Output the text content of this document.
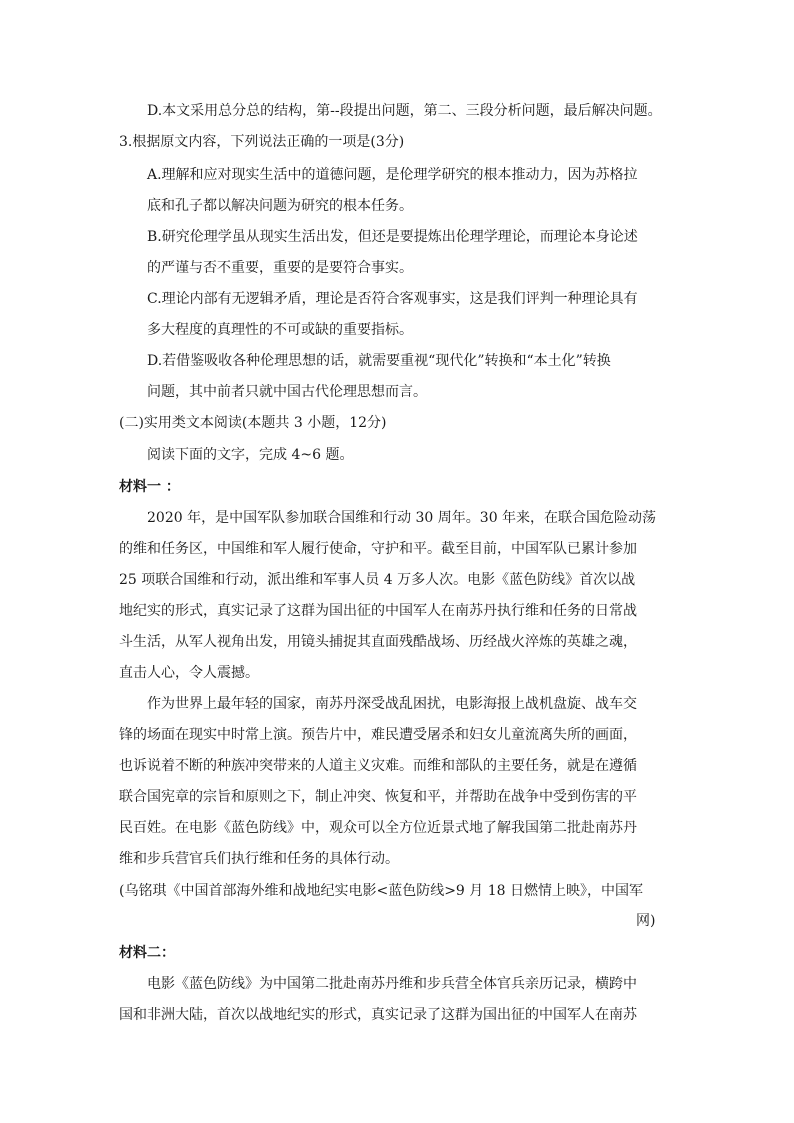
D.本文采用总分总的结构，第--段提出问题，第二、三段分析问题，最后解决问题。
3.根据原文内容，下列说法正确的一项是(3分)
A.理解和应对现实生活中的道德问题，是伦理学研究的根本推动力，因为苏格拉
底和孔子都以解决问题为研究的根本任务。
B.研究伦理学虽从现实生活出发，但还是要提炼出伦理学理论，而理论本身论述
的严谨与否不重要，重要的是要符合事实。
C.理论内部有无逻辑矛盾，理论是否符合客观事实，这是我们评判一种理论具有
多大程度的真理性的不可或缺的重要指标。
D.若借鉴吸收各种伦理思想的话，就需要重视“现代化”转换和“本土化”转换
问题，其中前者只就中国古代伦理思想而言。
(二)实用类文本阅读(本题共 3 小题，12分)
阅读下面的文字，完成 4~6 题。
材料一 ：
2020 年，是中国军队参加联合国维和行动 30 周年。30 年来，在联合国危险动荡
的维和任务区，中国维和军人履行使命，守护和平。截至目前，中国军队已累计参加
25 项联合国维和行动，派出维和军事人员 4 万多人次。电影《蓝色防线》首次以战
地纪实的形式，真实记录了这群为国出征的中国军人在南苏丹执行维和任务的日常战
斗生活，从军人视角出发，用镜头捕捉其直面残酷战场、历经战火淬炼的英雄之魂，
直击人心，令人震撼。
作为世界上最年轻的国家，南苏丹深受战乱困扰，电影海报上战机盘旋、战车交
锋的场面在现实中时常上演。预告片中，难民遭受屠杀和妇女儿童流离失所的画面，
也诉说着不断的种族冲突带来的人道主义灾难。而维和部队的主要任务，就是在遵循
联合国宪章的宗旨和原则之下，制止冲突、恢复和平，并帮助在战争中受到伤害的平
民百姓。在电影《蓝色防线》中，观众可以全方位近景式地了解我国第二批赴南苏丹
维和步兵营官兵们执行维和任务的具体行动。
(乌铭琪《中国首部海外维和战地纪实电影<蓝色防线>9 月 18 日燃情上映》，中国军
网)
材料二：
电影《蓝色防线》为中国第二批赴南苏丹维和步兵营全体官兵亲历记录，横跨中
国和非洲大陆，首次以战地纪实的形式，真实记录了这群为国出征的中国军人在南苏
